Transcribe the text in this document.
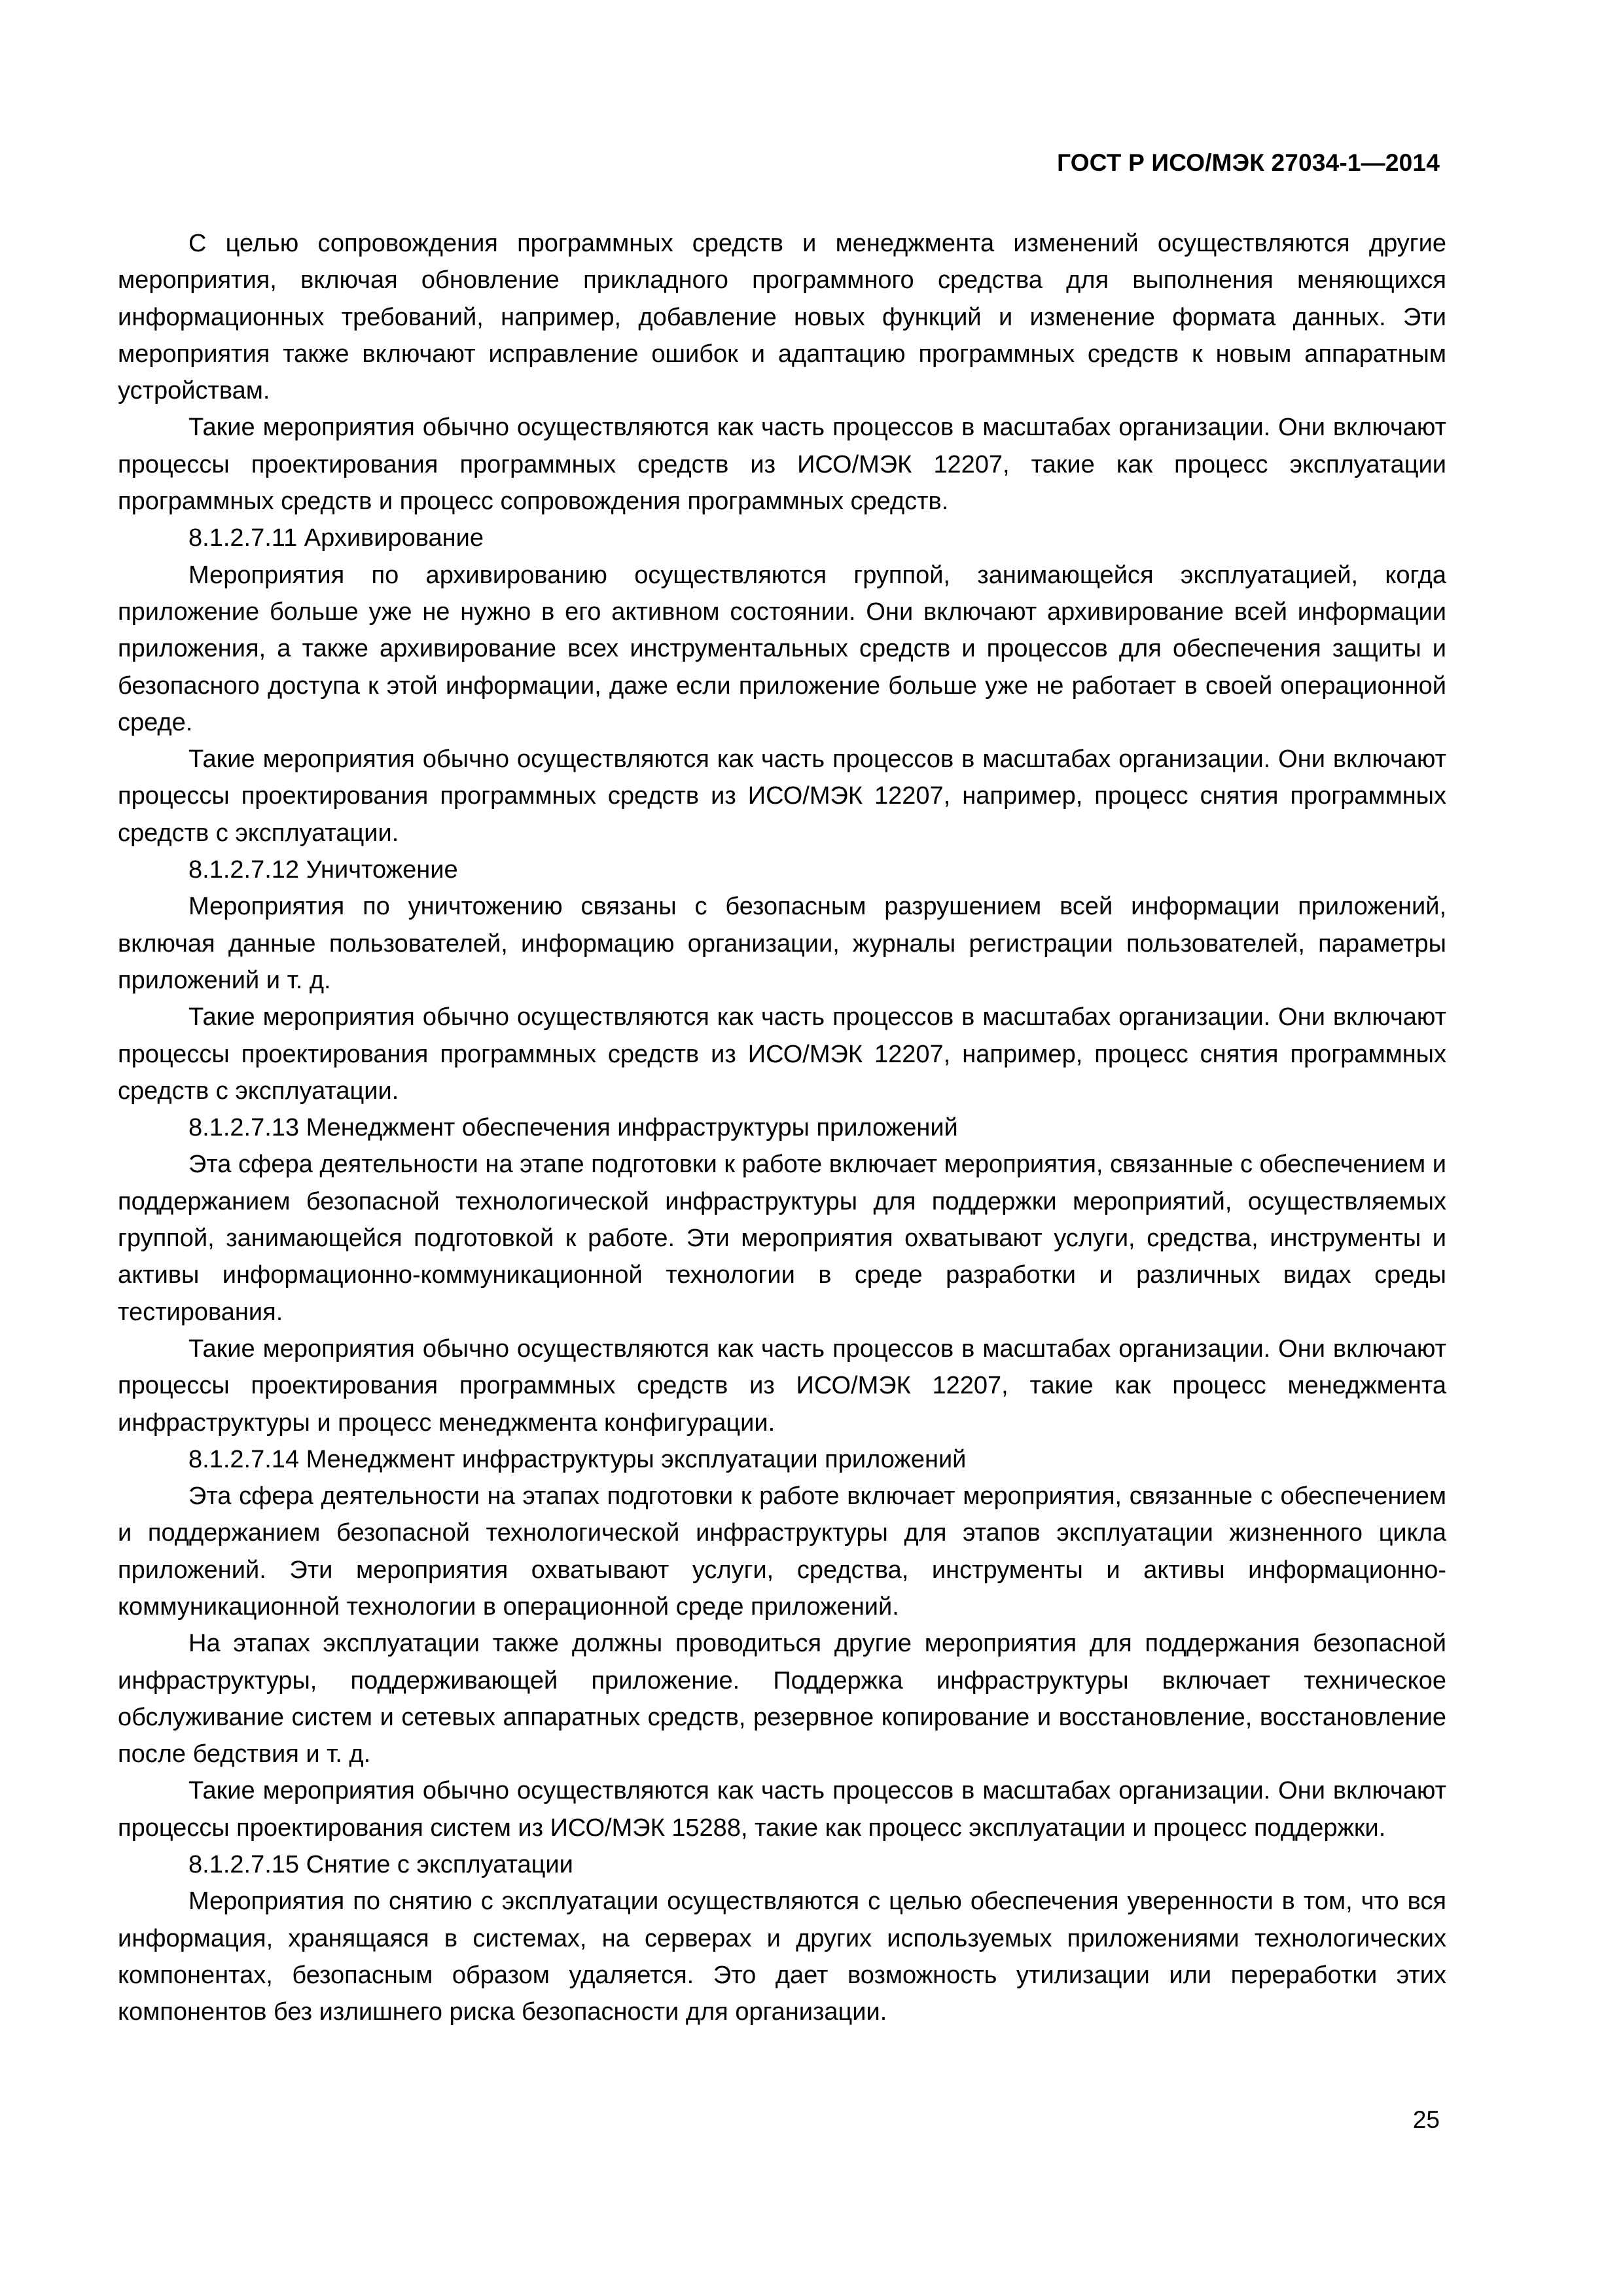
ГОСТ Р ИСО/МЭК 27034-1—2014

С целью сопровождения программных средств и менеджмента изменений осуществляются другие мероприятия, включая обновление прикладного программного средства для выполнения меняющихся информационных требований, например, добавление новых функций и изменение формата данных. Эти мероприятия также включают исправление ошибок и адаптацию программных средств к новым аппаратным устройствам.

Такие мероприятия обычно осуществляются как часть процессов в масштабах организации. Они включают процессы проектирования программных средств из ИСО/МЭК 12207, такие как процесс эксплуатации программных средств и процесс сопровождения программных средств.

8.1.2.7.11 Архивирование

Мероприятия по архивированию осуществляются группой, занимающейся эксплуатацией, когда приложение больше уже не нужно в его активном состоянии. Они включают архивирование всей информации приложения, а также архивирование всех инструментальных средств и процессов для обеспечения защиты и безопасного доступа к этой информации, даже если приложение больше уже не работает в своей операционной среде.

Такие мероприятия обычно осуществляются как часть процессов в масштабах организации. Они включают процессы проектирования программных средств из ИСО/МЭК 12207, например, процесс снятия программных средств с эксплуатации.

8.1.2.7.12 Уничтожение

Мероприятия по уничтожению связаны с безопасным разрушением всей информации приложений, включая данные пользователей, информацию организации, журналы регистрации пользователей, параметры приложений и т. д.

Такие мероприятия обычно осуществляются как часть процессов в масштабах организации. Они включают процессы проектирования программных средств из ИСО/МЭК 12207, например, процесс снятия программных средств с эксплуатации.

8.1.2.7.13 Менеджмент обеспечения инфраструктуры приложений

Эта сфера деятельности на этапе подготовки к работе включает мероприятия, связанные с обеспечением и поддержанием безопасной технологической инфраструктуры для поддержки мероприятий, осуществляемых группой, занимающейся подготовкой к работе. Эти мероприятия охватывают услуги, средства, инструменты и активы информационно-коммуникационной технологии в среде разработки и различных видах среды тестирования.

Такие мероприятия обычно осуществляются как часть процессов в масштабах организации. Они включают процессы проектирования программных средств из ИСО/МЭК 12207, такие как процесс менеджмента инфраструктуры и процесс менеджмента конфигурации.

8.1.2.7.14 Менеджмент инфраструктуры эксплуатации приложений

Эта сфера деятельности на этапах подготовки к работе включает мероприятия, связанные с обеспечением и поддержанием безопасной технологической инфраструктуры для этапов эксплуатации жизненного цикла приложений. Эти мероприятия охватывают услуги, средства, инструменты и активы информационно-коммуникационной технологии в операционной среде приложений.

На этапах эксплуатации также должны проводиться другие мероприятия для поддержания безопасной инфраструктуры, поддерживающей приложение. Поддержка инфраструктуры включает техническое обслуживание систем и сетевых аппаратных средств, резервное копирование и восстановление, восстановление после бедствия и т. д.

Такие мероприятия обычно осуществляются как часть процессов в масштабах организации. Они включают процессы проектирования систем из ИСО/МЭК 15288, такие как процесс эксплуатации и процесс поддержки.

8.1.2.7.15 Снятие с эксплуатации

Мероприятия по снятию с эксплуатации осуществляются с целью обеспечения уверенности в том, что вся информация, хранящаяся в системах, на серверах и других используемых приложениями технологических компонентах, безопасным образом удаляется. Это дает возможность утилизации или переработки этих компонентов без излишнего риска безопасности для организации.

25
